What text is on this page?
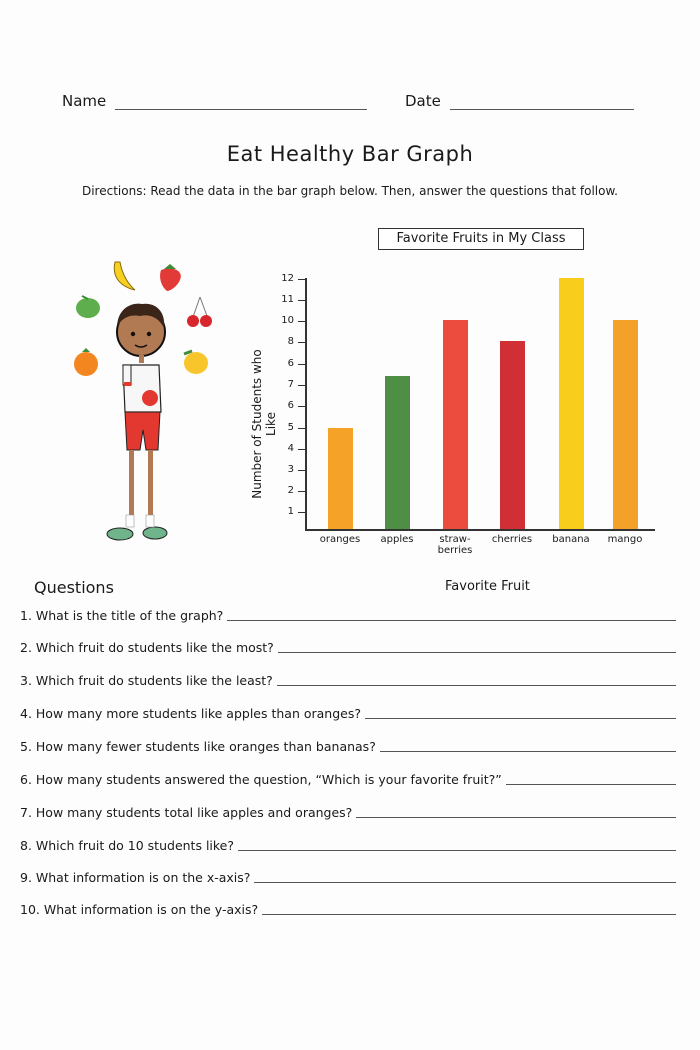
Name	Date
Eat Healthy Bar Graph
Directions: Read the data in the bar graph below. Then, answer the questions that follow.
Favorite Fruits in My Class
Number of Students who Like
12
11
10
8
6
7
6
5
4
3
2
1
oranges	apples	straw-
berries
cherries	banana	mango
Questions	Favorite Fruit
1. What is the title of the graph?
2. Which fruit do students like the most?
3. Which fruit do students like the least?
4. How many more students like apples than oranges?
5. How many fewer students like oranges than bananas?
6. How many students answered the question, “Which is your favorite fruit?”
7. How many students total like apples and oranges?
8. Which fruit do 10 students like?
9. What information is on the x-axis?
10. What information is on the y-axis?
